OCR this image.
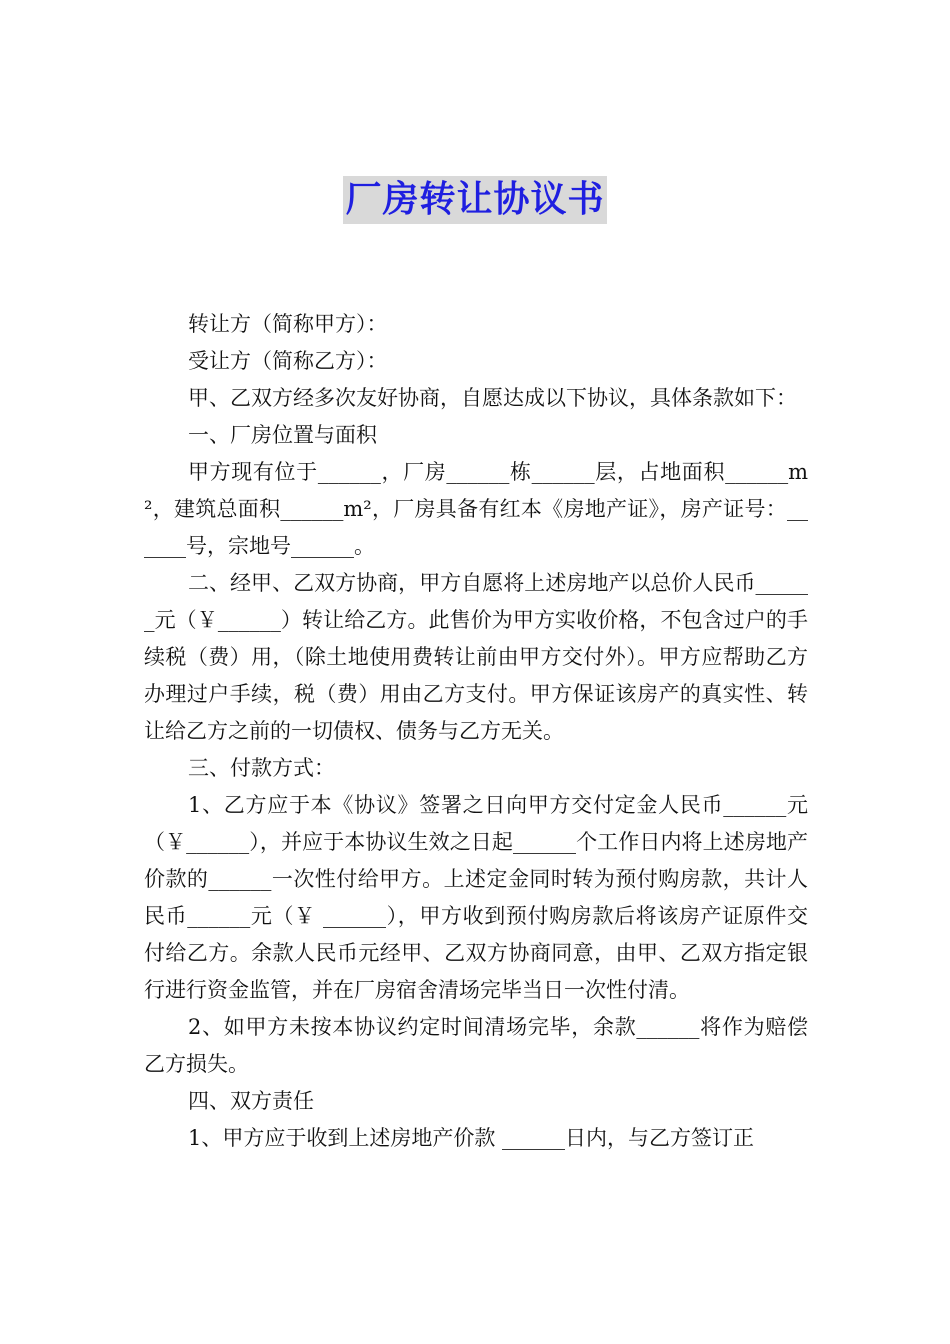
厂房转让协议书

转让方（简称甲方）：

受让方（简称乙方）：

甲、乙双方经多次友好协商，自愿达成以下协议，具体条款如下：

一、厂房位置与面积

甲方现有位于______，厂房______栋______层，占地面积______m²，建筑总面积______m²，厂房具备有红本《房地产证》，房产证号：______号，宗地号______。

二、经甲、乙双方协商，甲方自愿将上述房地产以总价人民币______元（￥______）转让给乙方。此售价为甲方实收价格，不包含过户的手续税（费）用，（除土地使用费转让前由甲方交付外）。甲方应帮助乙方办理过户手续，税（费）用由乙方支付。甲方保证该房产的真实性、转让给乙方之前的一切债权、债务与乙方无关。

三、付款方式：

1、乙方应于本《协议》签署之日向甲方交付定金人民币______元（￥______），并应于本协议生效之日起______个工作日内将上述房地产价款的______一次性付给甲方。上述定金同时转为预付购房款，共计人民币______元（￥ ______），甲方收到预付购房款后将该房产证原件交付给乙方。余款人民币元经甲、乙双方协商同意，由甲、乙双方指定银行进行资金监管，并在厂房宿舍清场完毕当日一次性付清。

2、如甲方未按本协议约定时间清场完毕，余款______将作为赔偿乙方损失。

四、双方责任

1、甲方应于收到上述房地产价款 ______日内，与乙方签订正
